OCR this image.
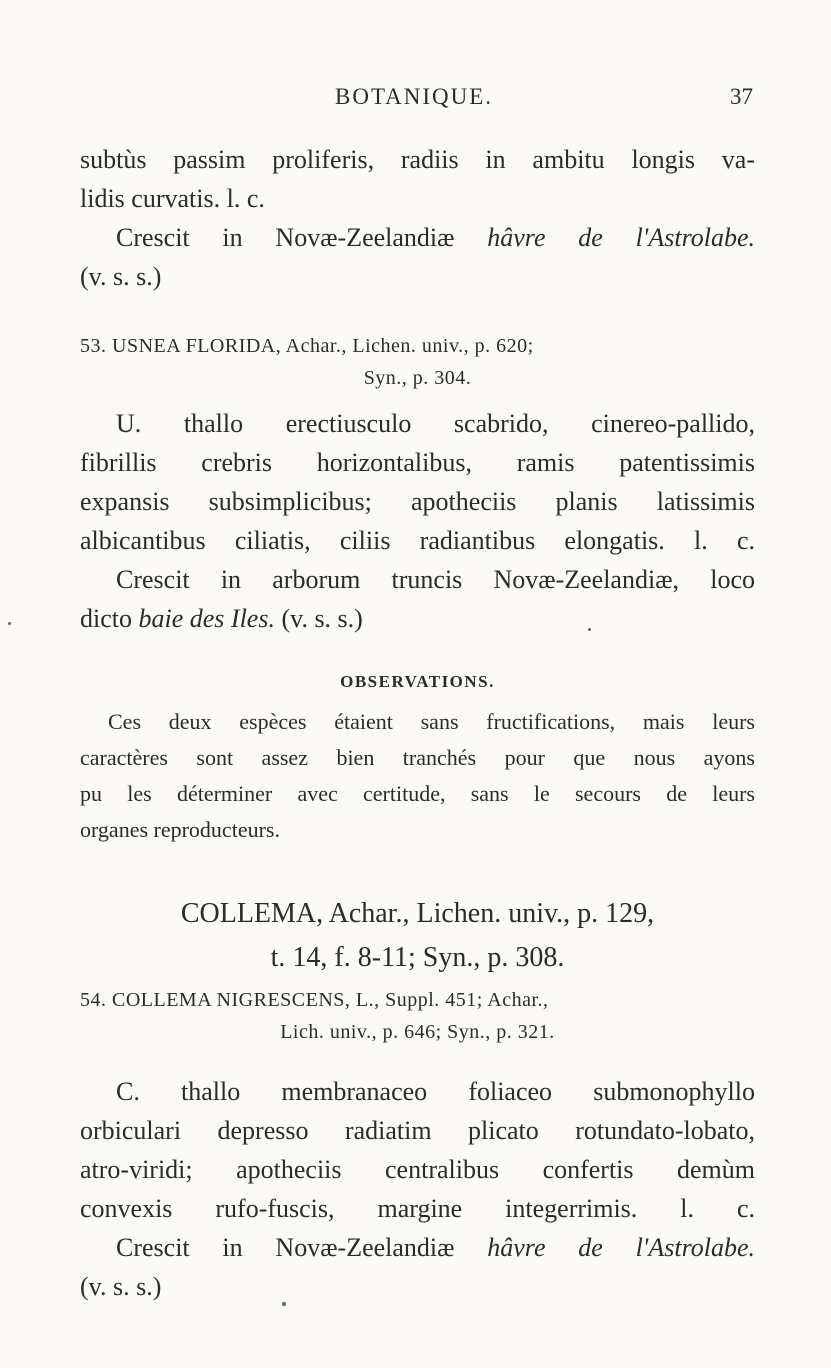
BOTANIQUE.	37
subtùs passim proliferis, radiis in ambitu longis va-
lidis curvatis. l. c.
Crescit in Novæ-Zeelandiæ hâvre de l'Astrolabe.
(v. s. s.)
53. USNEA FLORIDA, Achar., Lichen. univ., p. 620;
Syn., p. 304.
U. thallo erectiusculo scabrido, cinereo-pallido,
fibrillis crebris horizontalibus, ramis patentissimis
expansis subsimplicibus; apotheciis planis latissimis
albicantibus ciliatis, ciliis radiantibus elongatis. l. c.
Crescit in arborum truncis Novæ-Zeelandiæ, loco
dicto baie des Iles. (v. s. s.)
OBSERVATIONS.
Ces deux espèces étaient sans fructifications, mais leurs
caractères sont assez bien tranchés pour que nous ayons
pu les déterminer avec certitude, sans le secours de leurs
organes reproducteurs.
COLLEMA, Achar., Lichen. univ., p. 129,
t. 14, f. 8-11; Syn., p. 308.
54. COLLEMA NIGRESCENS, L., Suppl. 451; Achar.,
Lich. univ., p. 646; Syn., p. 321.
C. thallo membranaceo foliaceo submonophyllo
orbiculari depresso radiatim plicato rotundato-lobato,
atro-viridi; apotheciis centralibus confertis demùm
convexis rufo-fuscis, margine integerrimis. l. c.
Crescit in Novæ-Zeelandiæ hâvre de l'Astrolabe.
(v. s. s.)
